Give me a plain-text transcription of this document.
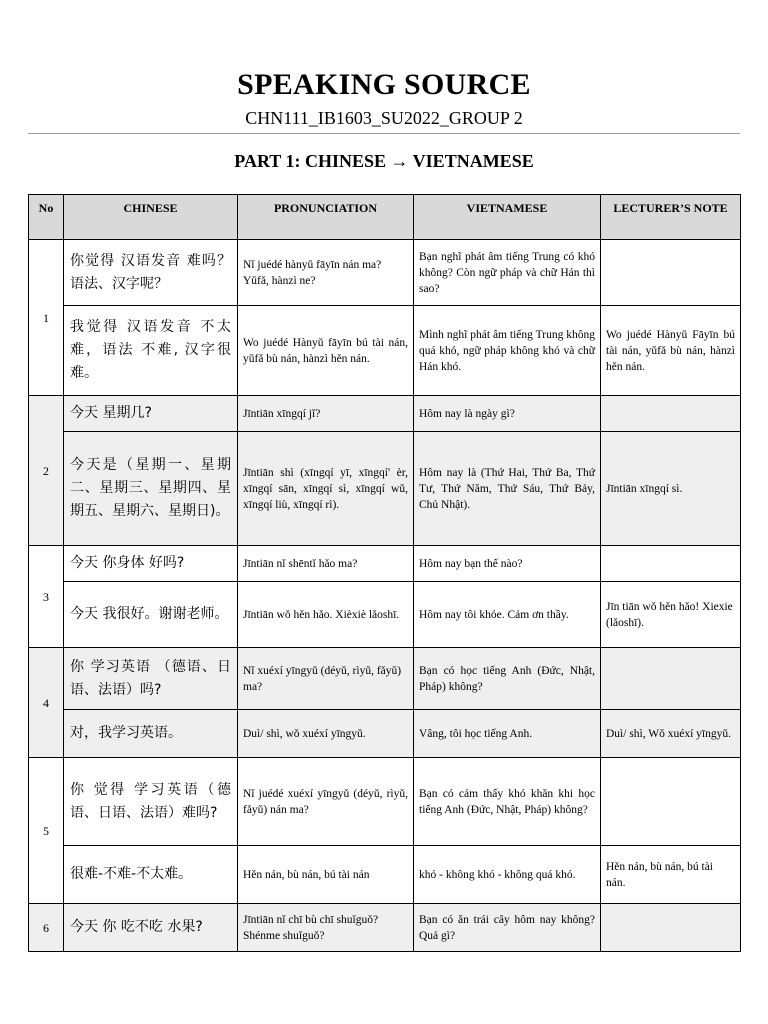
SPEAKING SOURCE
CHN111_IB1603_SU2022_GROUP 2
PART 1: CHINESE → VIETNAMESE
No	CHINESE	PRONUNCIATION	VIETNAMESE	LECTURER’S NOTE
1	你觉得 汉语发音 难吗？语法、汉字呢？	Nǐ juédé hànyǔ fāyīn nán ma? Yǔfǎ, hànzì ne?	Bạn nghĩ phát âm tiếng Trung có khó không? Còn ngữ pháp và chữ Hán thì sao?	
	我觉得 汉语发音 不太难，语法 不难, 汉字很难。	Wo juédé Hànyǔ fāyīn bú tài nán, yǔfǎ bù nán, hànzì hěn nán.	Mình nghĩ phát âm tiếng Trung không quá khó, ngữ pháp không khó và chữ Hán khó.	Wo juédé Hànyǔ Fāyīn bú tài nán, yǔfǎ bù nán, hànzì hěn nán.
2	今天 星期几?	Jīntiān xīngqí jǐ?	Hôm nay là ngày gì?	
	今天是（星期一、星期二、星期三、星期四、星期五、星期六、星期日)。	Jīntiān shì (xīngqí yī, xīngqí' èr, xīngqí sān, xīngqí sì, xīngqí wǔ, xīngqí liù, xīngqí rì).	Hôm nay là (Thứ Hai, Thứ Ba, Thứ Tư, Thứ Năm, Thứ Sáu, Thứ Bảy, Chủ Nhật).	Jīntiān xīngqí sì.
3	今天 你身体 好吗?	Jīntiān nǐ shēntǐ hǎo ma?	Hôm nay bạn thế nào?	
	今天 我很好。谢谢老师。	Jīntiān wǒ hěn hǎo. Xièxiè lǎoshī.	Hôm nay tôi khỏe. Cảm ơn thầy.	Jīn tiān wǒ hěn hǎo! Xiexie (lǎoshī).
4	你 学习英语 （德语、日语、法语）吗?	Nǐ xuéxí yīngyǔ (déyǔ, rìyǔ, fǎyǔ) ma?	Bạn có học tiếng Anh (Đức, Nhật, Pháp) không?	
	对，我学习英语。	Duì/ shì, wǒ xuéxí yīngyǔ.	Vâng, tôi học tiếng Anh.	Duì/ shì, Wǒ xuéxí yīngyǔ.
5	你 觉得 学习英语（德语、日语、法语）难吗?	Nǐ juédé xuéxí yīngyǔ (déyǔ, rìyǔ, fǎyǔ) nán ma?	Bạn có cảm thấy khó khăn khi học tiếng Anh (Đức, Nhật, Pháp) không?	
	很难-不难-不太难。	Hěn nán, bù nán, bú tài nán	khó - không khó - không quá khó.	Hěn nán, bù nán, bú tài nán.
6	今天 你 吃不吃 水果?	Jīntiān nǐ chī bù chī shuǐguǒ? Shénme shuǐguǒ?	Bạn có ăn trái cây hôm nay không? Quả gì?	
